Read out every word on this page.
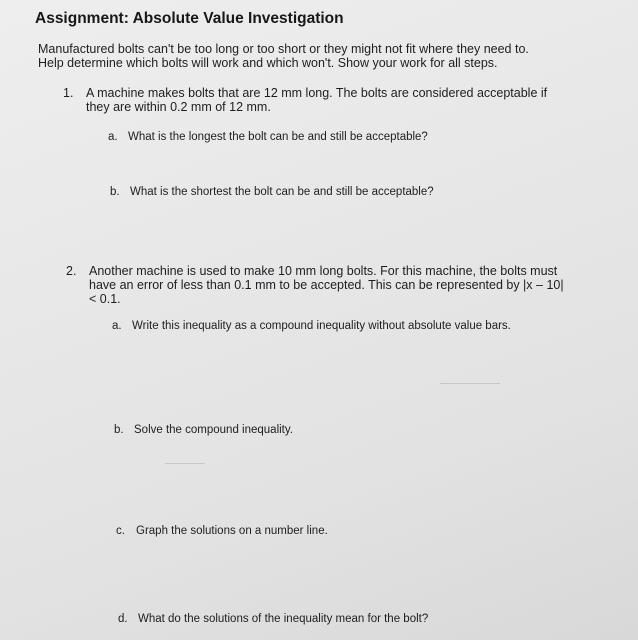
Assignment: Absolute Value Investigation

Manufactured bolts can't be too long or too short or they might not fit where they need to. Help determine which bolts will work and which won't. Show your work for all steps.

1.	A machine makes bolts that are 12 mm long. The bolts are considered acceptable if they are within 0.2 mm of 12 mm.
a. What is the longest the bolt can be and still be acceptable?
b. What is the shortest the bolt can be and still be acceptable?
2.	Another machine is used to make 10 mm long bolts. For this machine, the bolts must have an error of less than 0.1 mm to be accepted. This can be represented by |x – 10| < 0.1.
a. Write this inequality as a compound inequality without absolute value bars.
b. Solve the compound inequality.
c. Graph the solutions on a number line.
d. What do the solutions of the inequality mean for the bolt?
